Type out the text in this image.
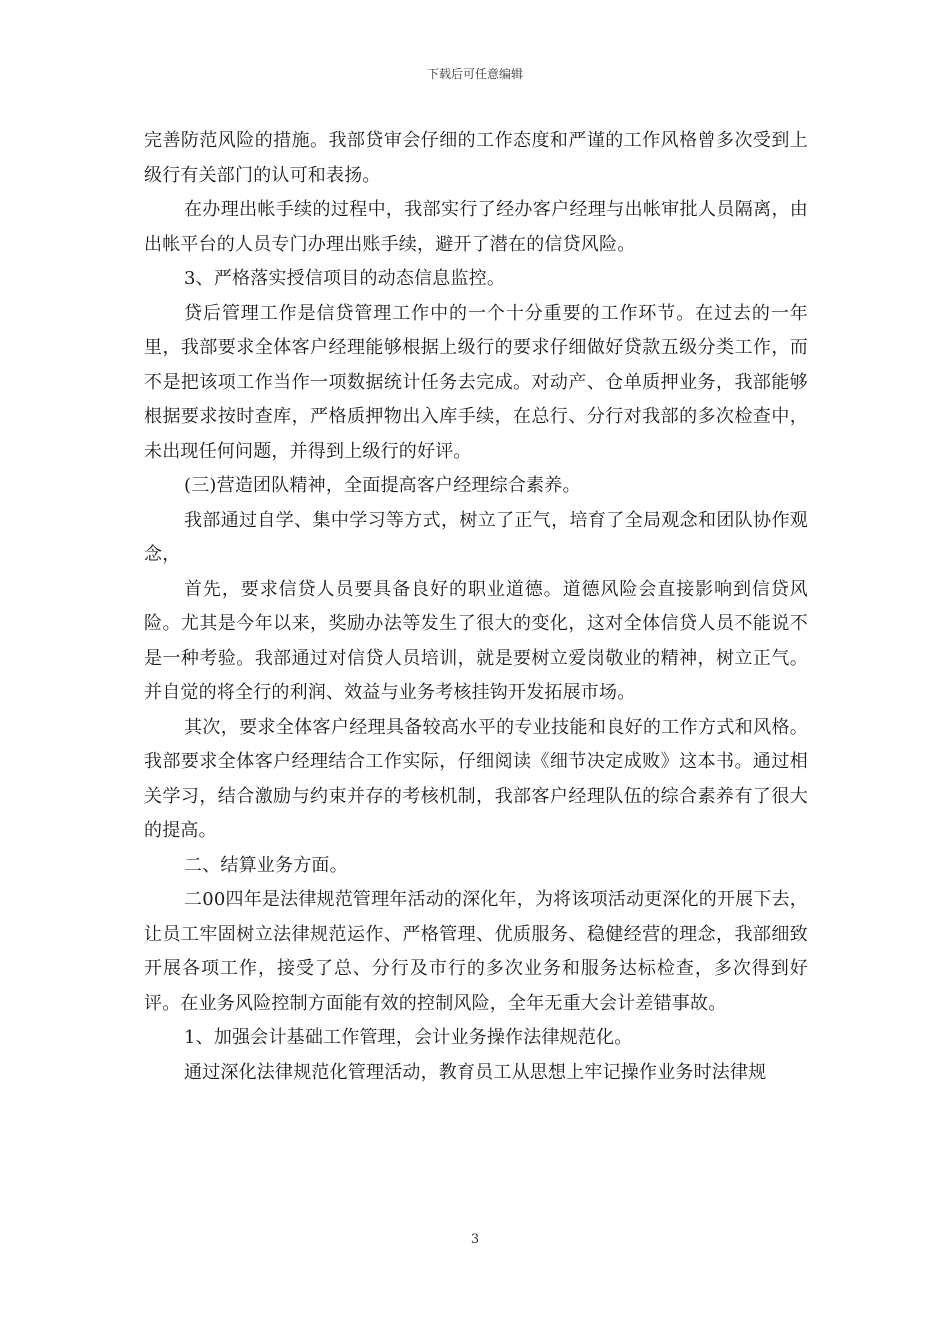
下载后可任意编辑

完善防范风险的措施。我部贷审会仔细的工作态度和严谨的工作风格曾多次受到上级行有关部门的认可和表扬。

在办理出帐手续的过程中，我部实行了经办客户经理与出帐审批人员隔离，由出帐平台的人员专门办理出账手续，避开了潜在的信贷风险。

3、严格落实授信项目的动态信息监控。

贷后管理工作是信贷管理工作中的一个十分重要的工作环节。在过去的一年里，我部要求全体客户经理能够根据上级行的要求仔细做好贷款五级分类工作，而不是把该项工作当作一项数据统计任务去完成。对动产、仓单质押业务，我部能够根据要求按时查库，严格质押物出入库手续，在总行、分行对我部的多次检查中，未出现任何问题，并得到上级行的好评。

(三)营造团队精神，全面提高客户经理综合素养。

我部通过自学、集中学习等方式，树立了正气，培育了全局观念和团队协作观念，

首先，要求信贷人员要具备良好的职业道德。道德风险会直接影响到信贷风险。尤其是今年以来，奖励办法等发生了很大的变化，这对全体信贷人员不能说不是一种考验。我部通过对信贷人员培训，就是要树立爱岗敬业的精神，树立正气。并自觉的将全行的利润、效益与业务考核挂钩开发拓展市场。

其次，要求全体客户经理具备较高水平的专业技能和良好的工作方式和风格。我部要求全体客户经理结合工作实际，仔细阅读《细节决定成败》这本书。通过相关学习，结合激励与约束并存的考核机制，我部客户经理队伍的综合素养有了很大的提高。

二、结算业务方面。

二00四年是法律规范管理年活动的深化年，为将该项活动更深化的开展下去，让员工牢固树立法律规范运作、严格管理、优质服务、稳健经营的理念，我部细致开展各项工作，接受了总、分行及市行的多次业务和服务达标检查，多次得到好评。在业务风险控制方面能有效的控制风险，全年无重大会计差错事故。

1、加强会计基础工作管理，会计业务操作法律规范化。

通过深化法律规范化管理活动，教育员工从思想上牢记操作业务时法律规

3
